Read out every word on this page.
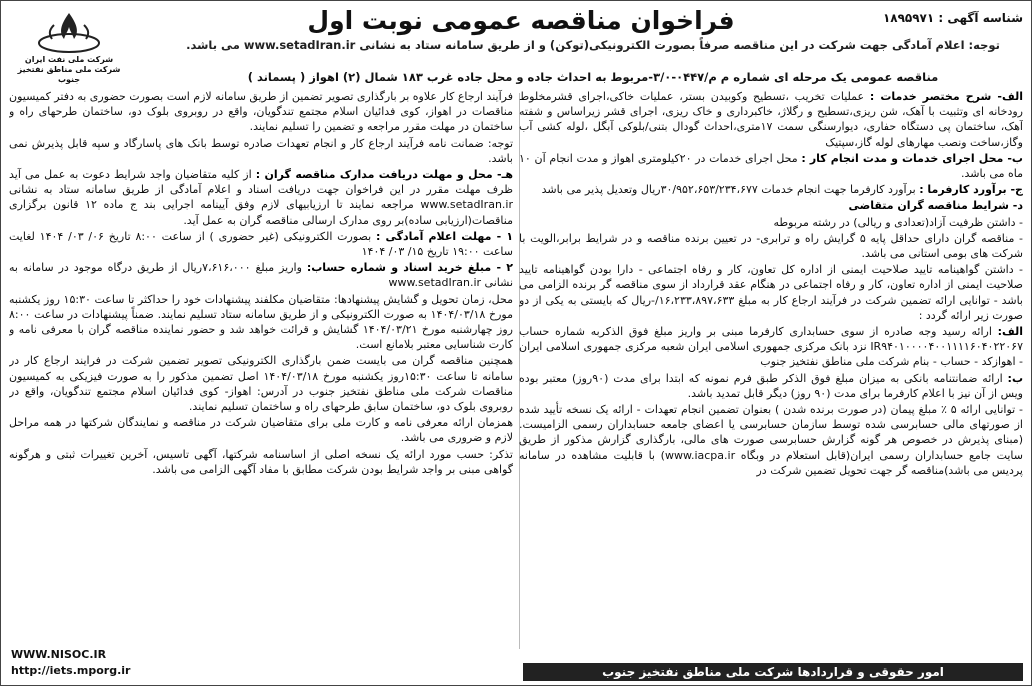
شناسه آگهی : ۱۸۹۵۹۷۱
فراخوان مناقصه عمومی نوبت اول
شرکت ملی نفت ایران
شرکت ملی مناطق نفتخیز جنوب
توجه: اعلام آمادگی جهت شرکت در این مناقصه صرفاً بصورت الکترونیکی(توکن) و از طریق سامانه ستاد به نشانی www.setadIran.ir می باشد.
مناقصه عمومی یک مرحله ای شماره م م/۰۴۴۷-۳/۰-مربوط به احداث جاده و محل جاده غرب ۱۸۳ شمال (۲) اهواز ( پسماند )

الف- شرح مختصر خدمات : عملیات تخریب ،تسطیح وکوبیدن بستر، عملیات خاکی،اجرای قشرمخلوط رودخانه ای وتثبیت با آهک، شن ریزی،تسطیح و رگلاژ، خاکبرداری و خاک ریزی، اجرای قشر زیراساس و شفته آهک، ساختمان پی دستگاه حفاری، دیوارسنگی سمت ۱۷متری،احداث گودال بتنی/بلوکی آبگل ،لوله کشی آب وگاز،ساخت ونصب مهارهای لوله گاز،سپتیک

ب- محل اجرای خدمات و مدت انجام کار : محل اجرای خدمات در ۲۰کیلومتری اهواز و مدت انجام آن ۱۰ ماه می باشد.

ج- برآورد کارفرما : برآورد کارفرما جهت انجام خدمات ۳۰/۹۵۲،۶۵۳/۲۳۴،۶۷۷ریال وتعدیل پذیر می باشد

د- شرایط مناقصه گران متقاضی

- داشتن ظرفیت آزاد(تعدادی و ریالی) در رشته مربوطه

- مناقصه گران دارای حداقل پایه ۵ گرایش راه و ترابری- در تعیین برنده مناقصه و در شرایط برابر،الویت با شرکت های بومی استانی می باشد.

- داشتن گواهینامه تایید صلاحیت ایمنی از اداره کل تعاون، کار و رفاه اجتماعی - دارا بودن گواهینامه تایید صلاحیت ایمنی از اداره تعاون، کار و رفاه اجتماعی در هنگام عقد قرارداد از سوی مناقصه گر برنده الزامی می باشد - توانایی ارائه تضمین شرکت در فرآیند ارجاع کار به مبلغ ۱۶،۲۳۳،۸۹۷،۶۳۳/-ریال که بایستی به یکی از دو صورت زیر ارائه گردد :

الف: ارائه رسید وجه صادره از سوی حسابداری کارفرما مبنی بر واریز مبلغ فوق الذکربه شماره حساب IR۹۴۰۱۰۰۰۰۴۰۰۱۱۱۱۶۰۴۰۲۲۰۶۷ نزد بانک مرکزی جمهوری اسلامی ایران شعبه مرکزی جمهوری اسلامی ایران - اهوازکد - حساب - بنام شرکت ملی مناطق نفتخیز جنوب

ب: ارائه ضمانتنامه بانکی به میزان مبلغ فوق الذکر طبق فرم نمونه که ابتدا برای مدت (۹۰روز) معتبر بوده ویس از آن نیز با اعلام کارفرما برای مدت (۹۰ روز) دیگر قابل تمدید باشد.

- توانایی ارائه ۵ ٪ مبلغ پیمان (در صورت برنده شدن ) بعنوان تضمین انجام تعهدات - ارائه یک نسخه تأیید شده از صورتهای مالی حسابرسی شده توسط سازمان حسابرسی یا اعضای جامعه حسابداران رسمی الزامیست. (مبنای پذیرش در خصوص هر گونه گزارش حسابرسی صورت های مالی، بارگذاری گزارش مذکور از طریق سایت جامع حسابداران رسمی ایران(قابل استعلام در وبگاه www.iacpa.ir) با قابلیت مشاهده در سامانه پردیس می باشد)مناقصه گر جهت تحویل تضمین شرکت در

فرآیند ارجاع کار علاوه بر بارگذاری تصویر تضمین از طریق سامانه لازم است بصورت حضوری به دفتر کمیسیون مناقصات در اهواز، کوی فدائیان اسلام مجتمع تندگویان، واقع در روبروی بلوک دو، ساختمان طرحهای راه و ساختمان در مهلت مقرر مراجعه و تضمین را تسلیم نمایند.

توجه: ضمانت نامه فرآیند ارجاع کار و انجام تعهدات صادره توسط بانک های پاسارگاد و سپه قابل پذیرش نمی باشد.

هـ- محل و مهلت دریافت مدارک مناقصه گران : از کلیه متقاضیان واجد شرایط دعوت به عمل می آید ظرف مهلت مقرر در این فراخوان جهت دریافت اسناد و اعلام آمادگی از طریق سامانه ستاد به نشانی www.setadIran.ir مراجعه نمایند تا ارزیابیهای لازم وفق آیینامه اجرایی بند ج ماده ۱۲ قانون برگزاری مناقصات(ارزیابی ساده)بر روی مدارک ارسالی مناقصه گران به عمل آید.

۱ - مهلت اعلام آمادگی : بصورت الکترونیکی (غیر حضوری ) از ساعت ۸:۰۰ تاریخ ۰۶/ ۰۳/ ۱۴۰۴ لغایت ساعت ۱۹:۰۰ تاریخ ۱۵/ ۰۳/ ۱۴۰۴

۲ - مبلغ خرید اسناد و شماره حساب: واریز مبلغ ۷،۶۱۶،۰۰۰ریال از طریق درگاه موجود در سامانه به نشانی www.setadIran.ir

محل، زمان تحویل و گشایش پیشنهادها: متقاضیان مکلفند پیشنهادات خود را حداکثر تا ساعت ۱۵:۳۰ روز یکشنبه مورخ ۱۴۰۴/۰۳/۱۸ به صورت الکترونیکی و از طریق سامانه ستاد تسلیم نمایند. ضمناً پیشنهادات در ساعت ۸:۰۰ روز چهارشنبه مورخ ۱۴۰۴/۰۳/۲۱ گشایش و قرائت خواهد شد و حضور نماینده مناقصه گران با معرفی نامه و کارت شناسایی معتبر بلامانع است.

همچنین مناقصه گران می بایست ضمن بارگذاری الکترونیکی تصویر تضمین شرکت در فرایند ارجاع کار در سامانه تا ساعت ۱۵:۳۰روز یکشنبه مورخ ۱۴۰۴/۰۳/۱۸ اصل تضمین مذکور را به صورت فیزیکی به کمیسیون مناقصات شرکت ملی مناطق نفتخیز جنوب در آدرس: اهواز- کوی فدائیان اسلام مجتمع تندگویان، واقع در روبروی بلوک دو، ساختمان سابق طرحهای راه و ساختمان تسلیم نمایند.

همزمان ارائه معرفی نامه و کارت ملی برای متقاضیان شرکت در مناقصه و نمایندگان شرکتها در همه مراحل لازم و ضروری می باشد.

تذکر: حسب مورد ارائه یک نسخه اصلی از اساسنامه شرکتها، آگهی تاسیس، آخرین تغییرات ثبتی و هرگونه گواهی مبنی بر واجد شرایط بودن شرکت مطابق با مفاد آگهی الزامی می باشد.

WWW.NISOC.IR
http://iets.mporg.ir	امور حقوقی و قراردادها شرکت ملی مناطق نفتخیز جنوب
